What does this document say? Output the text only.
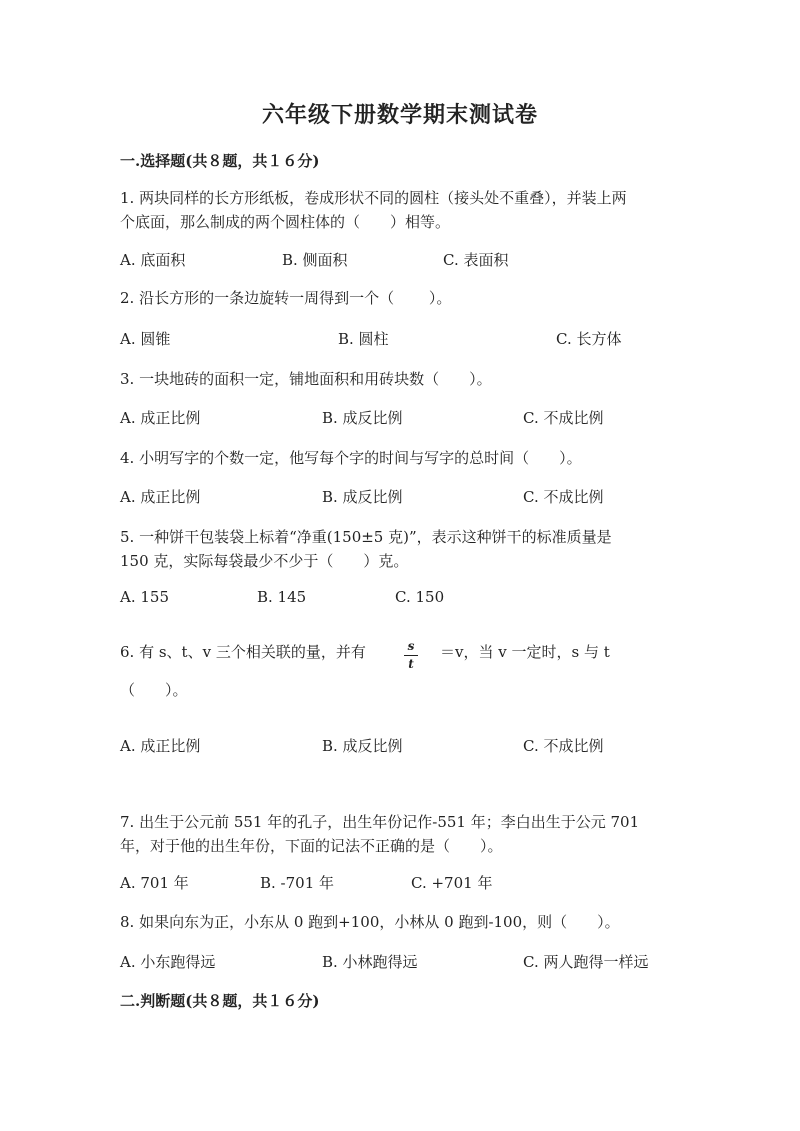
六年级下册数学期末测试卷
一.选择题(共８题，共１６分)
1. 两块同样的长方形纸板，卷成形状不同的圆柱（接头处不重叠），并装上两
个底面，那么制成的两个圆柱体的（　　）相等。
A. 底面积	B. 侧面积	C. 表面积
2. 沿长方形的一条边旋转一周得到一个（　　 ）。
A. 圆锥	B. 圆柱	C. 长方体
3. 一块地砖的面积一定，铺地面积和用砖块数（　　）。
A. 成正比例	B. 成反比例	C. 不成比例
4. 小明写字的个数一定，他写每个字的时间与写字的总时间（　　）。
A. 成正比例	B. 成反比例	C. 不成比例
5. 一种饼干包装袋上标着“净重(150±5 克)”，表示这种饼干的标准质量是
150 克，实际每袋最少不少于（　　）克。
A. 155	B. 145	C. 150
6. 有 s、t、v 三个相关联的量，并有	s
t
＝v，当 v 一定时，s 与 t
（　　）。
A. 成正比例	B. 成反比例	C. 不成比例
7. 出生于公元前 551 年的孔子，出生年份记作-551 年；李白出生于公元 701
年，对于他的出生年份，下面的记法不正确的是（　　）。
A. 701 年	B. -701 年	C. +701 年
8. 如果向东为正，小东从 0 跑到+100，小林从 0 跑到-100，则（　　）。
A. 小东跑得远	B. 小林跑得远	C. 两人跑得一样远
二.判断题(共８题，共１６分)
